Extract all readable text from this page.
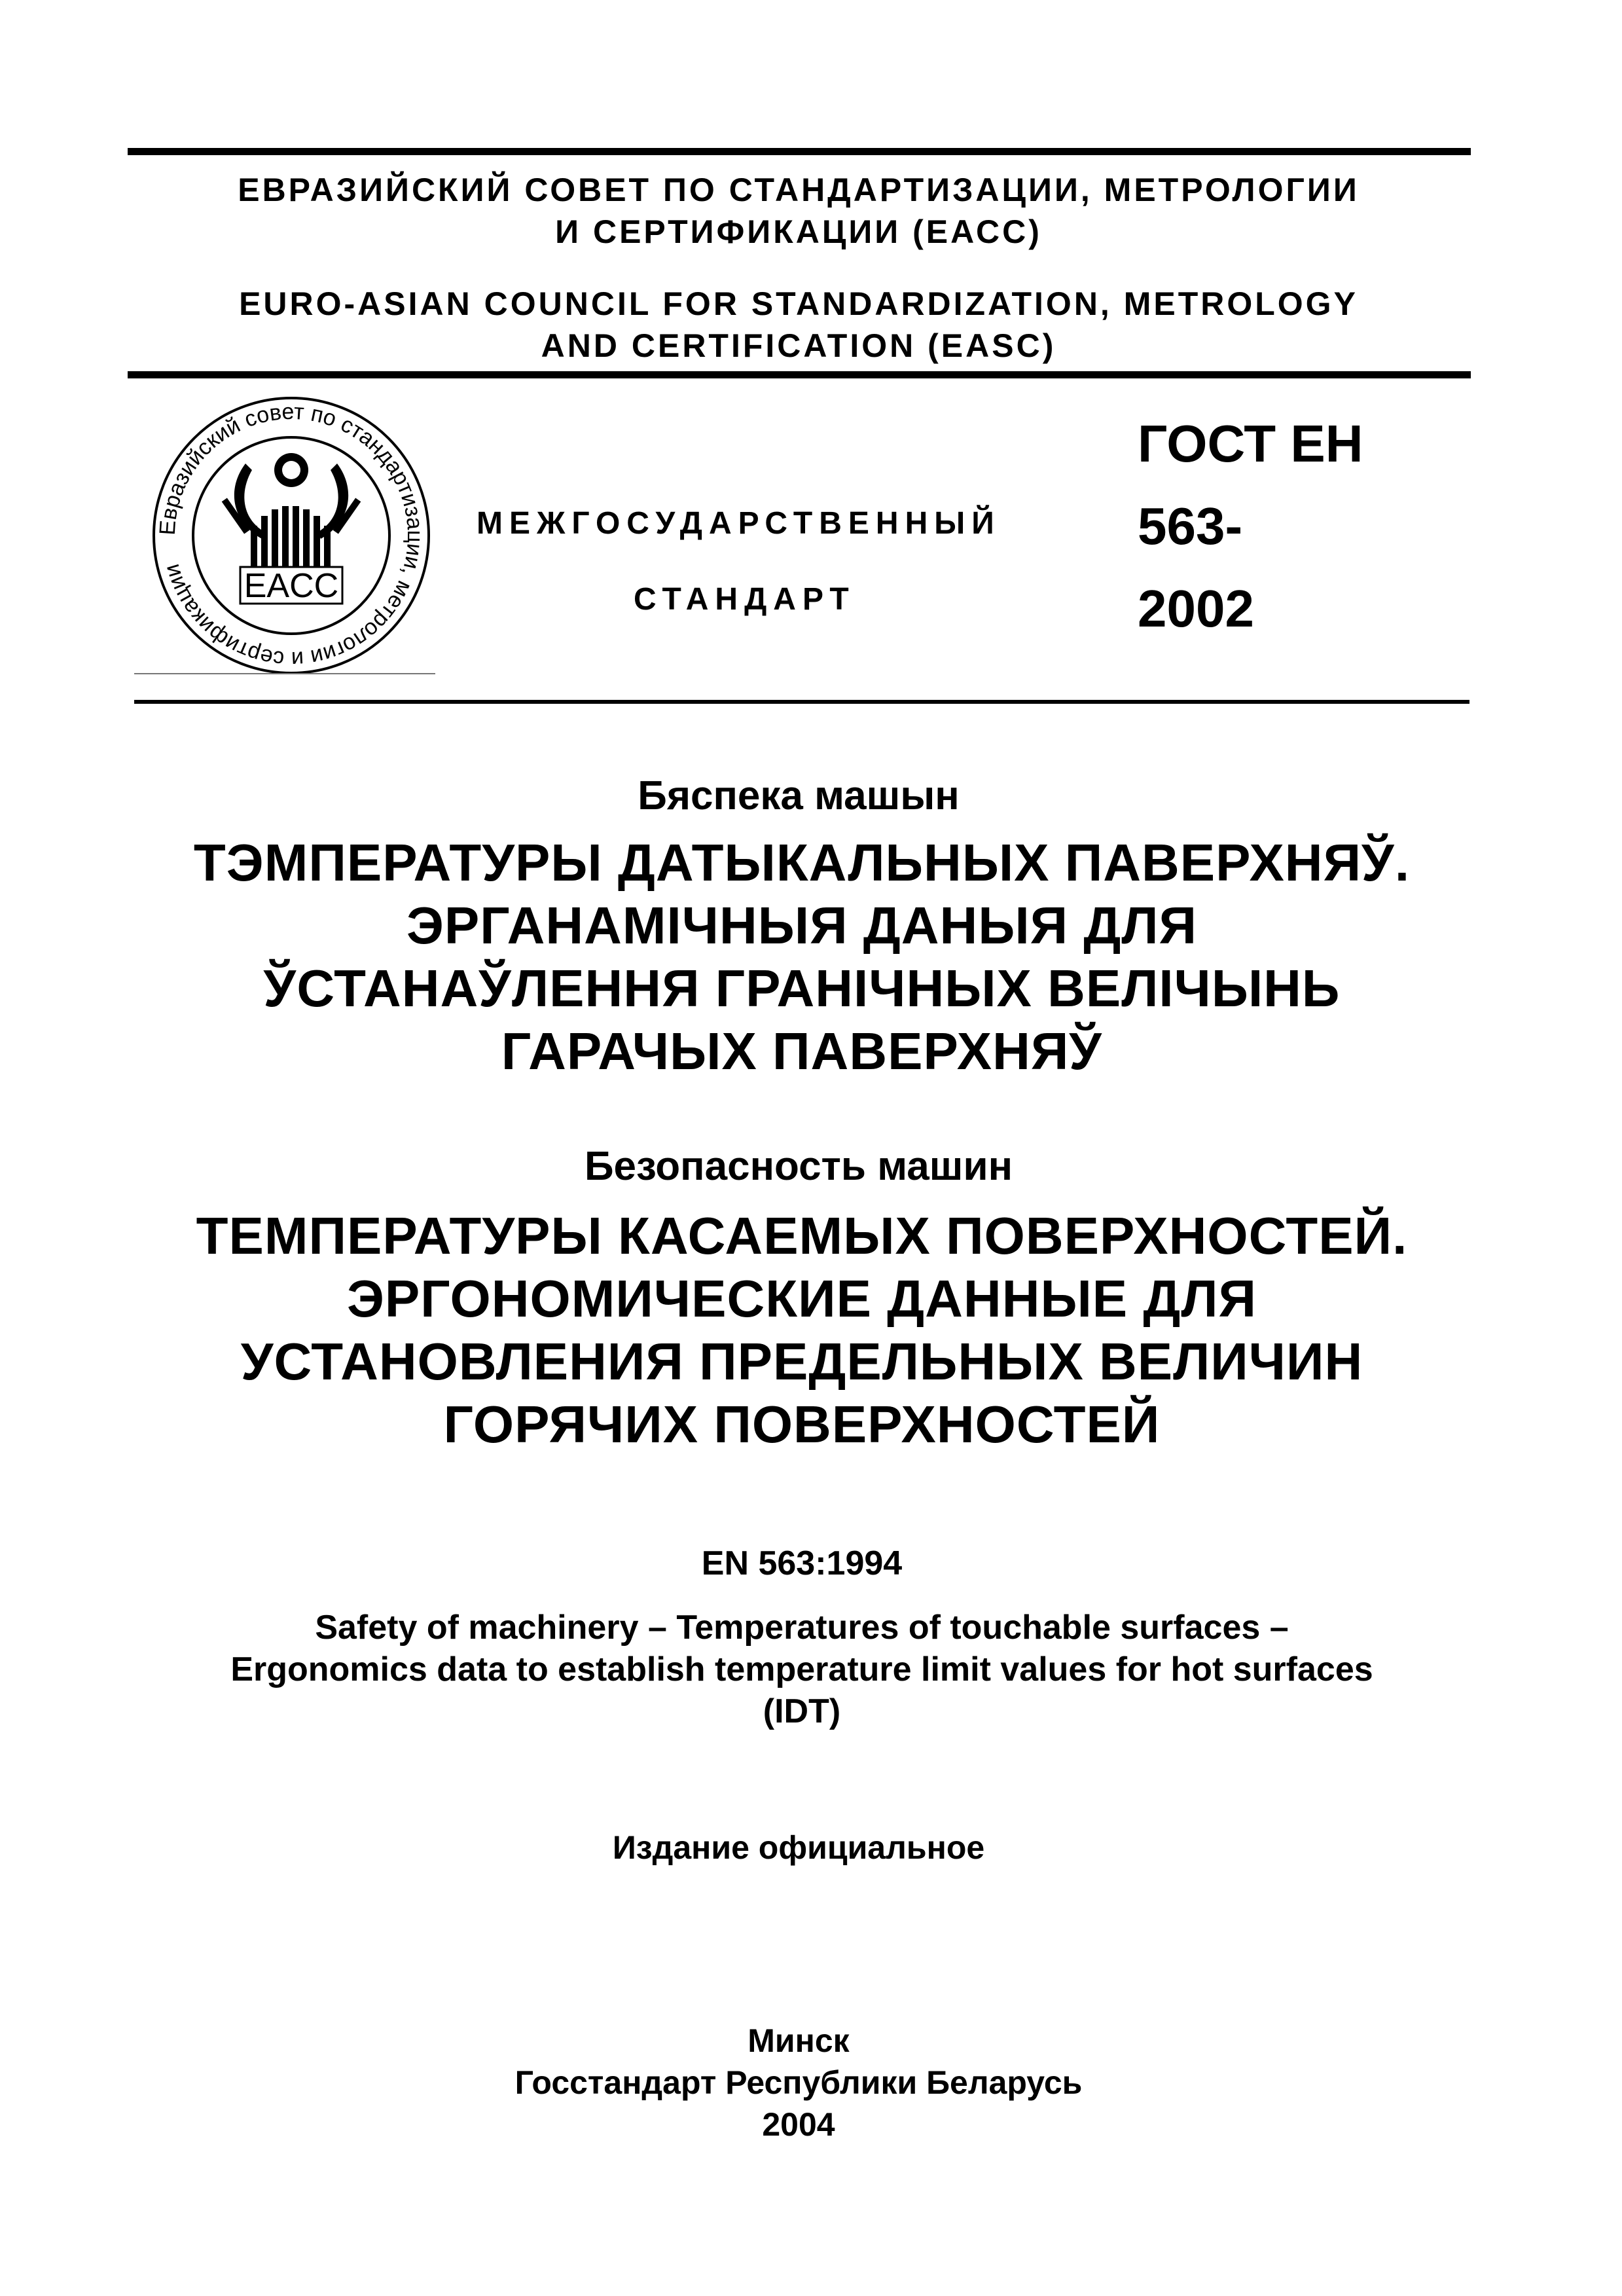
ЕВРАЗИЙСКИЙ СОВЕТ ПО СТАНДАРТИЗАЦИИ, МЕТРОЛОГИИ
И СЕРТИФИКАЦИИ (ЕАСС)
EURO-ASIAN COUNCIL FOR STANDARDIZATION, METROLOGY
AND CERTIFICATION (EASC)
Евразийский совет по стандартизации, метрологии и сертификации	EACC
МЕЖГОСУДАРСТВЕННЫЙ
СТАНДАРТ
ГОСТ ЕН
563-
2002
Бяспека машын
ТЭМПЕРАТУРЫ ДАТЫКАЛЬНЫХ ПАВЕРХНЯЎ.
ЭРГАНАМІЧНЫЯ ДАНЫЯ ДЛЯ
ЎСТАНАЎЛЕННЯ ГРАНІЧНЫХ ВЕЛІЧЫНЬ
ГАРАЧЫХ ПАВЕРХНЯЎ
Безопасность машин
ТЕМПЕРАТУРЫ КАСАЕМЫХ ПОВЕРХНОСТЕЙ.
ЭРГОНОМИЧЕСКИЕ ДАННЫЕ ДЛЯ
УСТАНОВЛЕНИЯ ПРЕДЕЛЬНЫХ ВЕЛИЧИН
ГОРЯЧИХ ПОВЕРХНОСТЕЙ
EN 563:1994
Safety of machinery – Temperatures of touchable surfaces –
Ergonomics data to establish temperature limit values for hot surfaces
(IDT)
Издание официальное
Минск
Госстандарт Республики Беларусь
2004
